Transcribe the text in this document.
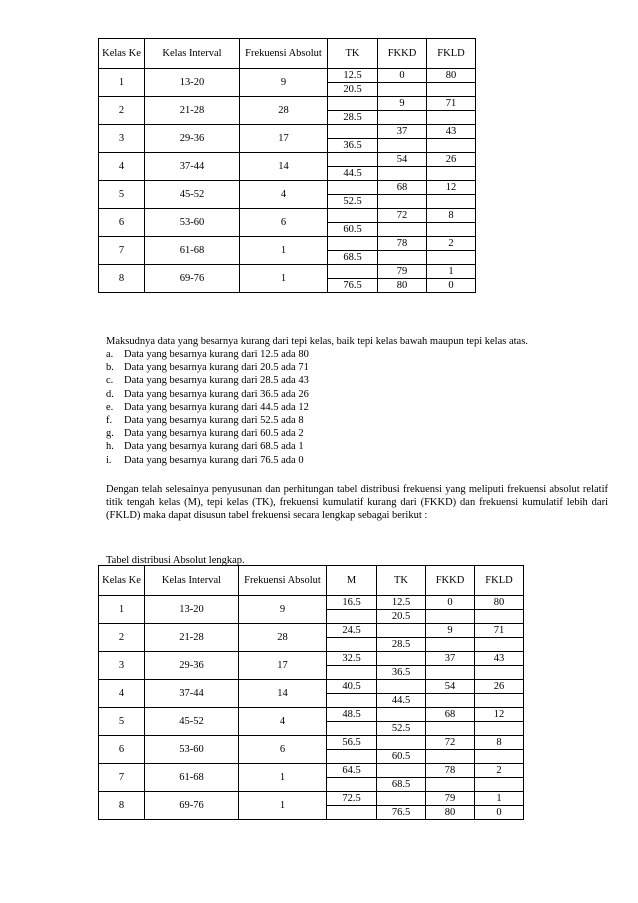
Kelas Ke	Kelas Interval	Frekuensi Absolut	TK	FKKD	FKLD
1	13-20	9	12.5	0	80
			20.5		
2	21-28	28		9	71
			28.5		
3	29-36	17		37	43
			36.5		
4	37-44	14		54	26
			44.5		
5	45-52	4		68	12
			52.5		
6	53-60	6		72	8
			60.5		
7	61-68	1		78	2
			68.5		
8	69-76	1		79	1
			76.5	80	0
Maksudnya data yang besarnya kurang dari tepi kelas, baik tepi kelas bawah maupun tepi kelas atas.
a. Data yang besarnya kurang dari 12.5 ada 80
b. Data yang besarnya kurang dari 20.5 ada 71
c. Data yang besarnya kurang dari 28.5 ada 43
d. Data yang besarnya kurang dari 36.5 ada 26
e. Data yang besarnya kurang dari 44.5 ada 12
f. Data yang besarnya kurang dari 52.5 ada 8
g. Data yang besarnya kurang dari 60.5 ada 2
h. Data yang besarnya kurang dari 68.5 ada 1
i. Data yang besarnya kurang dari 76.5 ada 0
Dengan telah selesainya penyusunan dan perhitungan tabel distribusi frekuensi yang meliputi frekuensi absolut relatif titik tengah kelas (M), tepi kelas (TK), frekuensi kumulatif kurang dari (FKKD) dan frekuensi kumulatif lebih dari (FKLD) maka dapat disusun tabel frekuensi secara lengkap sebagai berikut :
Tabel distribusi Absolut lengkap.
Kelas Ke	Kelas Interval	Frekuensi Absolut	M	TK	FKKD	FKLD
1	13-20	9	16.5	12.5	0	80
				20.5		
2	21-28	28	24.5		9	71
				28.5		
3	29-36	17	32.5		37	43
				36.5		
4	37-44	14	40.5		54	26
				44.5		
5	45-52	4	48.5		68	12
				52.5		
6	53-60	6	56.5		72	8
				60.5		
7	61-68	1	64.5		78	2
				68.5		
8	69-76	1	72.5		79	1
				76.5	80	0
